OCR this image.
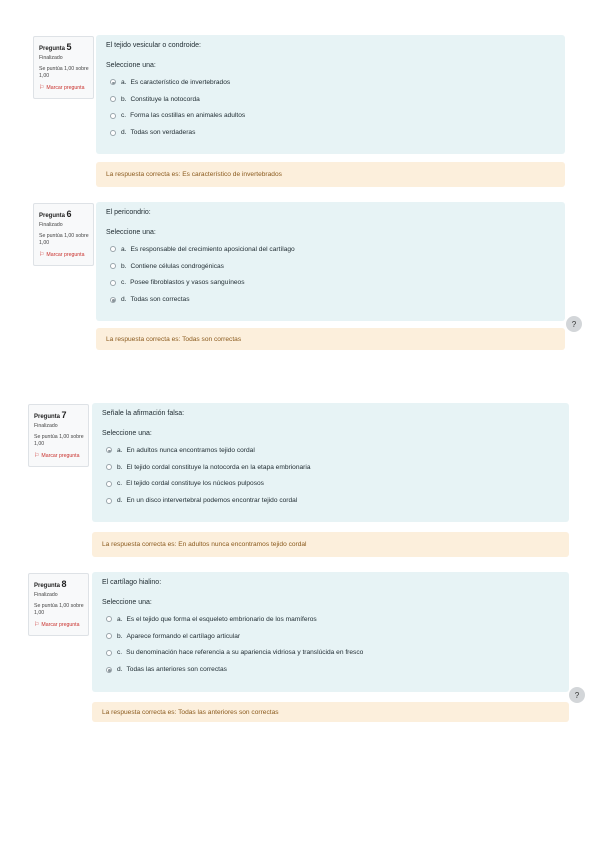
Pregunta 5
Finalizado
Se puntúa 1,00 sobre 1,00
⚐ Marcar pregunta
El tejido vesicular o condroide:
Seleccione una:
a. Es característico de invertebrados
b. Constituye la notocorda
c. Forma las costillas en animales adultos
d. Todas son verdaderas
La respuesta correcta es: Es característico de invertebrados
Pregunta 6
Finalizado
Se puntúa 1,00 sobre 1,00
⚐ Marcar pregunta
El pericondrio:
Seleccione una:
a. Es responsable del crecimiento aposicional del cartílago
b. Contiene células condrogénicas
c. Posee fibroblastos y vasos sanguíneos
d. Todas son correctas
La respuesta correcta es: Todas son correctas
?
Pregunta 7
Finalizado
Se puntúa 1,00 sobre 1,00
⚐ Marcar pregunta
Señale la afirmación falsa:
Seleccione una:
a. En adultos nunca encontramos tejido cordal
b. El tejido cordal constituye la notocorda en la etapa embrionaria
c. El tejido cordal constituye los núcleos pulposos
d. En un disco intervertebral podemos encontrar tejido cordal
La respuesta correcta es: En adultos nunca encontramos tejido cordal
Pregunta 8
Finalizado
Se puntúa 1,00 sobre 1,00
⚐ Marcar pregunta
El cartílago hialino:
Seleccione una:
a. Es el tejido que forma el esqueleto embrionario de los mamíferos
b. Aparece formando el cartílago articular
c. Su denominación hace referencia a su apariencia vidriosa y translúcida en fresco
d. Todas las anteriores son correctas
La respuesta correcta es: Todas las anteriores son correctas
?
